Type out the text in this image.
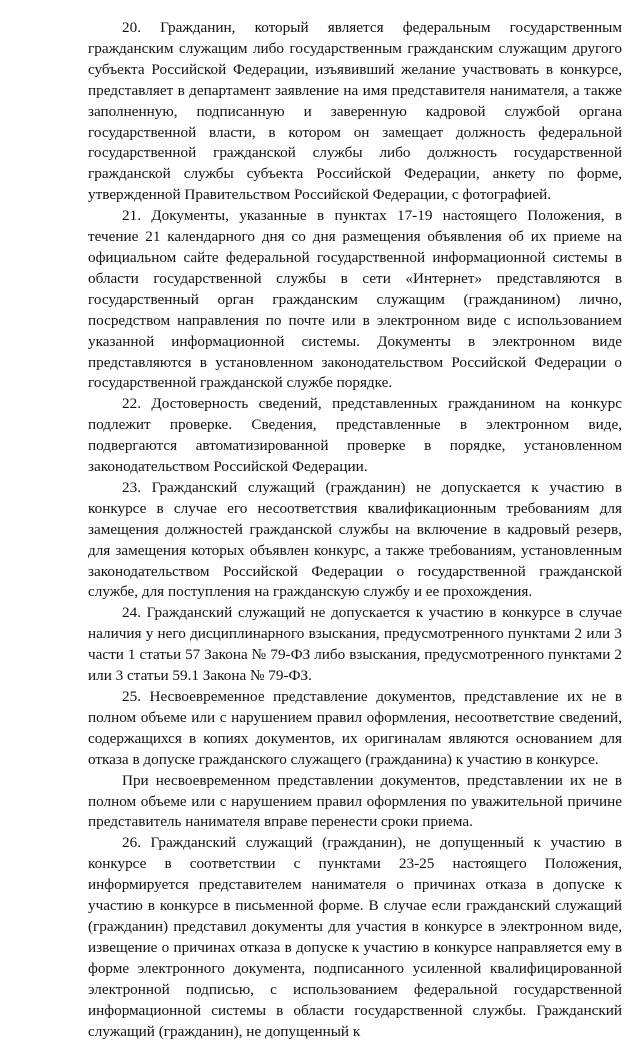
20. Гражданин, который является федеральным государственным гражданским служащим либо государственным гражданским служащим другого субъекта Российской Федерации, изъявивший желание участвовать в конкурсе, представляет в департамент заявление на имя представителя нанимателя, а также заполненную, подписанную и заверенную кадровой службой органа государственной власти, в котором он замещает должность федеральной государственной гражданской службы либо должность государственной гражданской службы субъекта Российской Федерации, анкету по форме, утвержденной Правительством Российской Федерации, с фотографией.

21. Документы, указанные в пунктах 17-19 настоящего Положения, в течение 21 календарного дня со дня размещения объявления об их приеме на официальном сайте федеральной государственной информационной системы в области государственной службы в сети «Интернет» представляются в государственный орган гражданским служащим (гражданином) лично, посредством направления по почте или в электронном виде с использованием указанной информационной системы. Документы в электронном виде представляются в установленном законодательством Российской Федерации о государственной гражданской службе порядке.

22. Достоверность сведений, представленных гражданином на конкурс подлежит проверке. Сведения, представленные в электронном виде, подвергаются автоматизированной проверке в порядке, установленном законодательством Российской Федерации.

23. Гражданский служащий (гражданин) не допускается к участию в конкурсе в случае его несоответствия квалификационным требованиям для замещения должностей гражданской службы на включение в кадровый резерв, для замещения которых объявлен конкурс, а также требованиям, установленным законодательством Российской Федерации о государственной гражданской службе, для поступления на гражданскую службу и ее прохождения.

24. Гражданский служащий не допускается к участию в конкурсе в случае наличия у него дисциплинарного взыскания, предусмотренного пунктами 2 или 3 части 1 статьи 57 Закона № 79-ФЗ либо взыскания, предусмотренного пунктами 2 или 3 статьи 59.1 Закона № 79-ФЗ.

25. Несвоевременное представление документов, представление их не в полном объеме или с нарушением правил оформления, несоответствие сведений, содержащихся в копиях документов, их оригиналам являются основанием для отказа в допуске гражданского служащего (гражданина) к участию в конкурсе.

При несвоевременном представлении документов, представлении их не в полном объеме или с нарушением правил оформления по уважительной причине представитель нанимателя вправе перенести сроки приема.

26. Гражданский служащий (гражданин), не допущенный к участию в конкурсе в соответствии с пунктами 23-25 настоящего Положения, информируется представителем нанимателя о причинах отказа в допуске к участию в конкурсе в письменной форме. В случае если гражданский служащий (гражданин) представил документы для участия в конкурсе в электронном виде, извещение о причинах отказа в допуске к участию в конкурсе направляется ему в форме электронного документа, подписанного усиленной квалифицированной электронной подписью, с использованием федеральной государственной информационной системы в области государственной службы. Гражданский служащий (гражданин), не допущенный к
